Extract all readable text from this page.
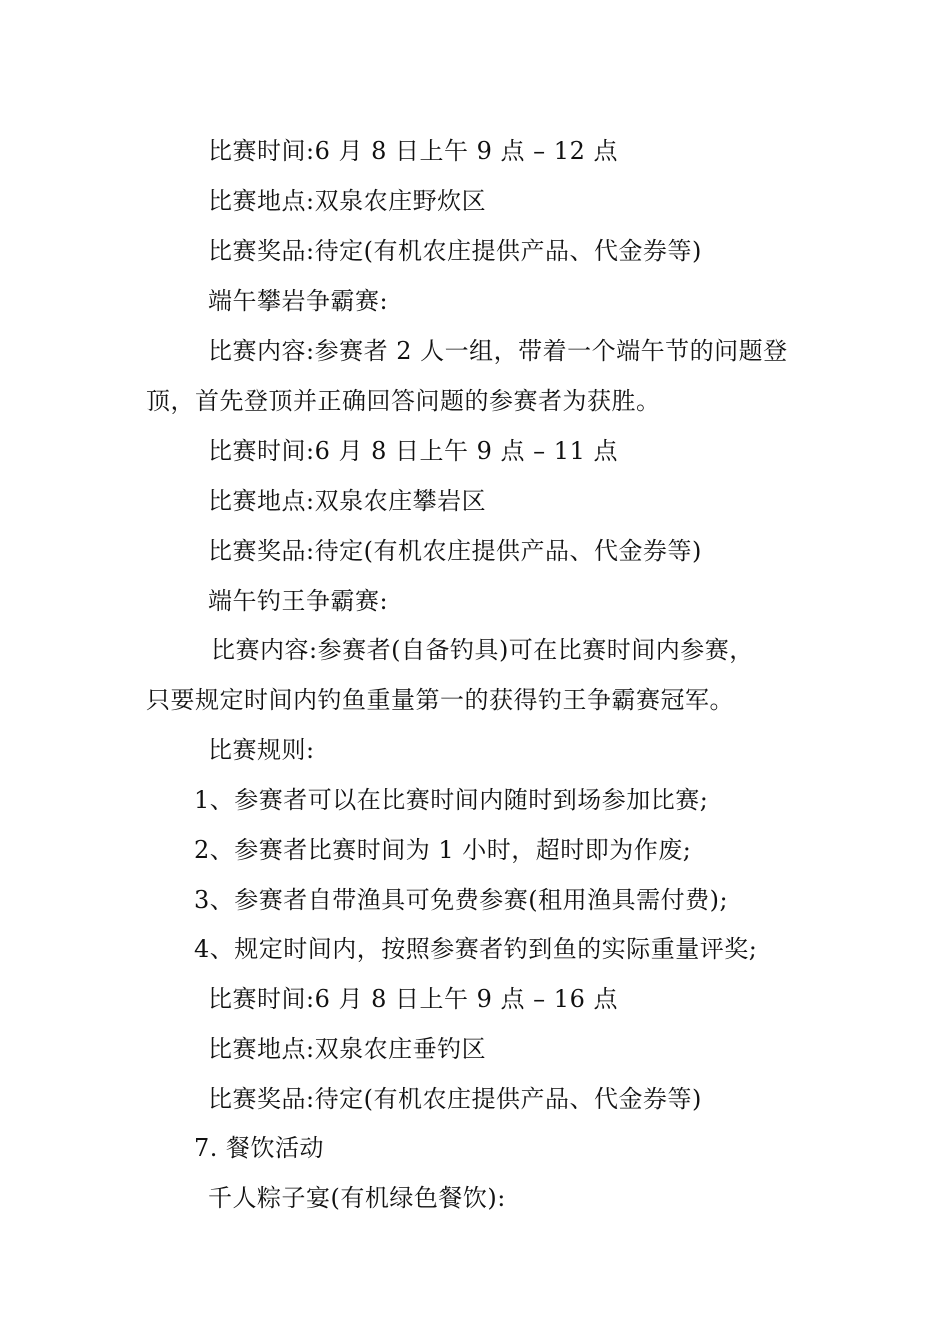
比赛时间:6 月 8 日上午 9 点 – 12 点
比赛地点:双泉农庄野炊区
比赛奖品:待定(有机农庄提供产品、代金券等)
端午攀岩争霸赛:
比赛内容:参赛者 2 人一组，带着一个端午节的问题登
顶，首先登顶并正确回答问题的参赛者为获胜。
比赛时间:6 月 8 日上午 9 点 – 11 点
比赛地点:双泉农庄攀岩区
比赛奖品:待定(有机农庄提供产品、代金券等)
端午钓王争霸赛:
比赛内容:参赛者(自备钓具)可在比赛时间内参赛，
只要规定时间内钓鱼重量第一的获得钓王争霸赛冠军。
比赛规则:
1、参赛者可以在比赛时间内随时到场参加比赛;
2、参赛者比赛时间为 1 小时，超时即为作废;
3、参赛者自带渔具可免费参赛(租用渔具需付费);
4、规定时间内，按照参赛者钓到鱼的实际重量评奖;
比赛时间:6 月 8 日上午 9 点 – 16 点
比赛地点:双泉农庄垂钓区
比赛奖品:待定(有机农庄提供产品、代金券等)
7. 餐饮活动
千人粽子宴(有机绿色餐饮):
